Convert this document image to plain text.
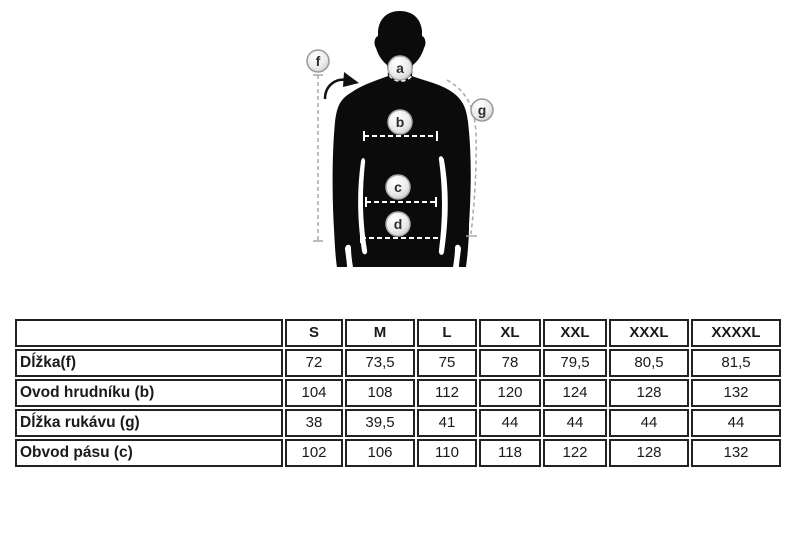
f	a
g
b
c
d
	S	M	L	XL	XXL	XXXL	XXXXL
Dĺžka(f)	72	73,5	75	78	79,5	80,5	81,5
Ovod hrudníku (b)	104	108	112	120	124	128	132
Dĺžka rukávu (g)	38	39,5	41	44	44	44	44
Obvod pásu (c)	102	106	110	118	122	128	132
